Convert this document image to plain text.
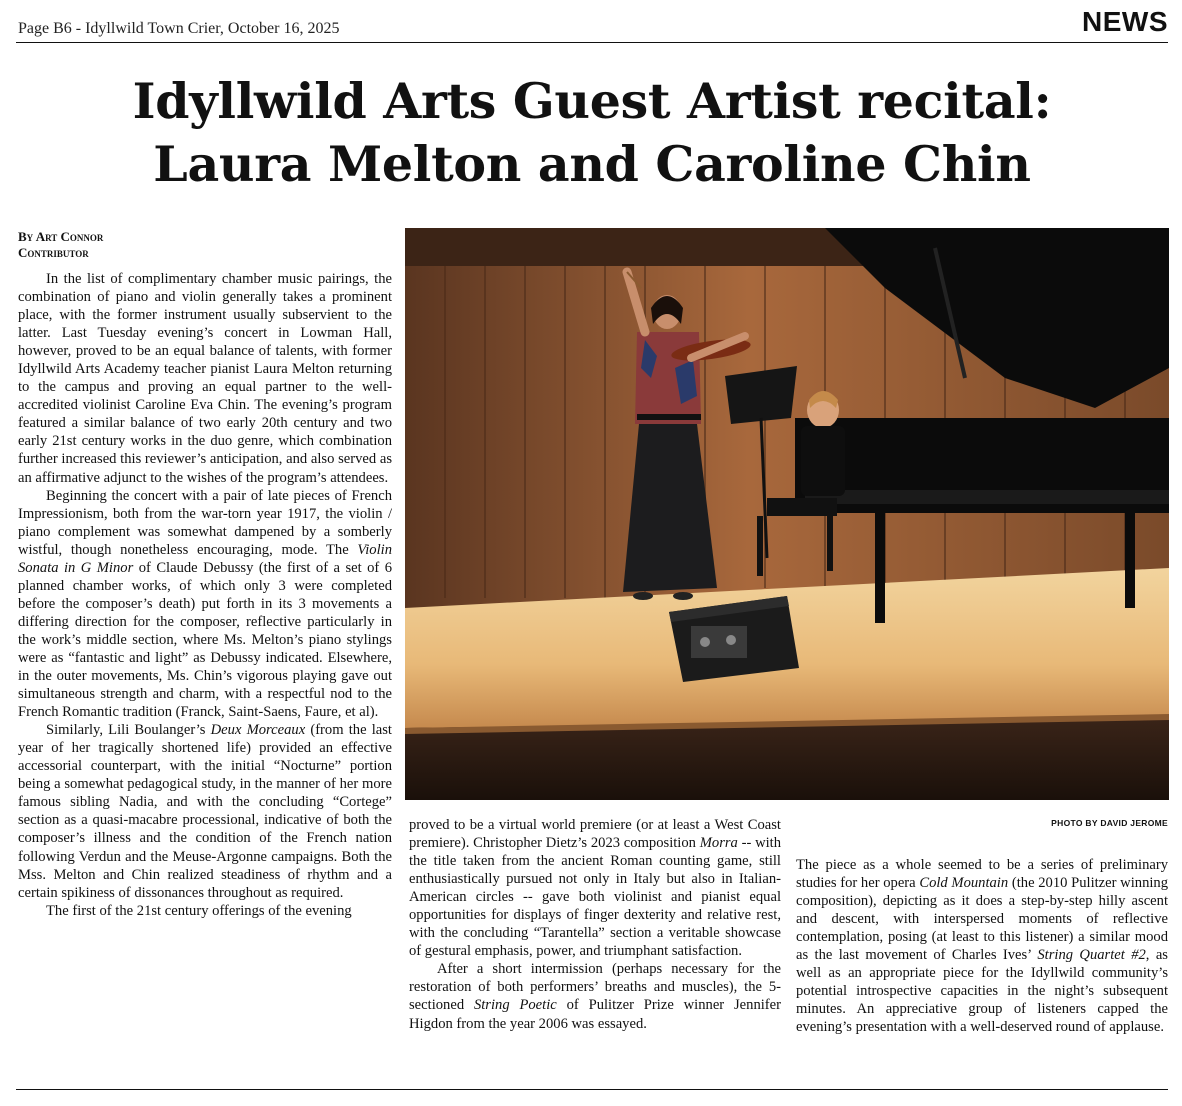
Page B6 - Idyllwild Town Crier, October 16, 2025	NEWS
Idyllwild Arts Guest Artist recital:
Laura Melton and Caroline Chin
By Art Connor
Contributor

In the list of complimentary chamber music pairings, the combination of piano and violin generally takes a prominent place, with the former instrument usually subservient to the latter. Last Tuesday evening’s concert in Lowman Hall, however, proved to be an equal balance of talents, with former Idyllwild Arts Academy teacher pianist Laura Melton returning to the campus and proving an equal partner to the well-accredited violinist Caroline Eva Chin. The evening’s program featured a similar balance of two early 20th century and two early 21st century works in the duo genre, which combination further increased this reviewer’s anticipation, and also served as an affirmative adjunct to the wishes of the program’s attendees.

Beginning the concert with a pair of late pieces of French Impressionism, both from the war-torn year 1917, the violin / piano complement was somewhat dampened by a somberly wistful, though nonetheless encouraging, mode. The Violin Sonata in G Minor of Claude Debussy (the first of a set of 6 planned chamber works, of which only 3 were completed before the composer’s death) put forth in its 3 movements a differing direction for the composer, reflective particularly in the work’s middle section, where Ms. Melton’s piano stylings were as “fantastic and light” as Debussy indicated. Elsewhere, in the outer movements, Ms. Chin’s vigorous playing gave out simultaneous strength and charm, with a respectful nod to the French Romantic tradition (Franck, Saint-Saens, Faure, et al).

Similarly, Lili Boulanger’s Deux Morceaux (from the last year of her tragically shortened life) provided an effective accessorial counterpart, with the initial “Nocturne” portion being a somewhat pedagogical study, in the manner of her more famous sibling Nadia, and with the concluding “Cortege” section as a quasi-macabre processional, indicative of both the composer’s illness and the condition of the French nation following Verdun and the Meuse-Argonne campaigns. Both the Mss. Melton and Chin realized steadiness of rhythm and a certain spikiness of dissonances throughout as required.

The first of the 21st century offerings of the evening

PHOTO BY DAVID JEROME

proved to be a virtual world premiere (or at least a West Coast premiere). Christopher Dietz’s 2023 composition Morra -- with the title taken from the ancient Roman counting game, still enthusiastically pursued not only in Italy but also in Italian-American circles -- gave both violinist and pianist equal opportunities for displays of finger dexterity and relative rest, with the concluding “Tarantella” section a veritable showcase of gestural emphasis, power, and triumphant satisfaction.

After a short intermission (perhaps necessary for the restoration of both performers’ breaths and muscles), the 5-sectioned String Poetic of Pulitzer Prize winner Jennifer Higdon from the year 2006 was essayed.

The piece as a whole seemed to be a series of preliminary studies for her opera Cold Mountain (the 2010 Pulitzer winning composition), depicting as it does a step-by-step hilly ascent and descent, with interspersed moments of reflective contemplation, posing (at least to this listener) a similar mood as the last movement of Charles Ives’ String Quartet #2, as well as an appropriate piece for the Idyllwild community’s potential introspective capacities in the night’s subsequent minutes. An appreciative group of listeners capped the evening’s presentation with a well-deserved round of applause.
